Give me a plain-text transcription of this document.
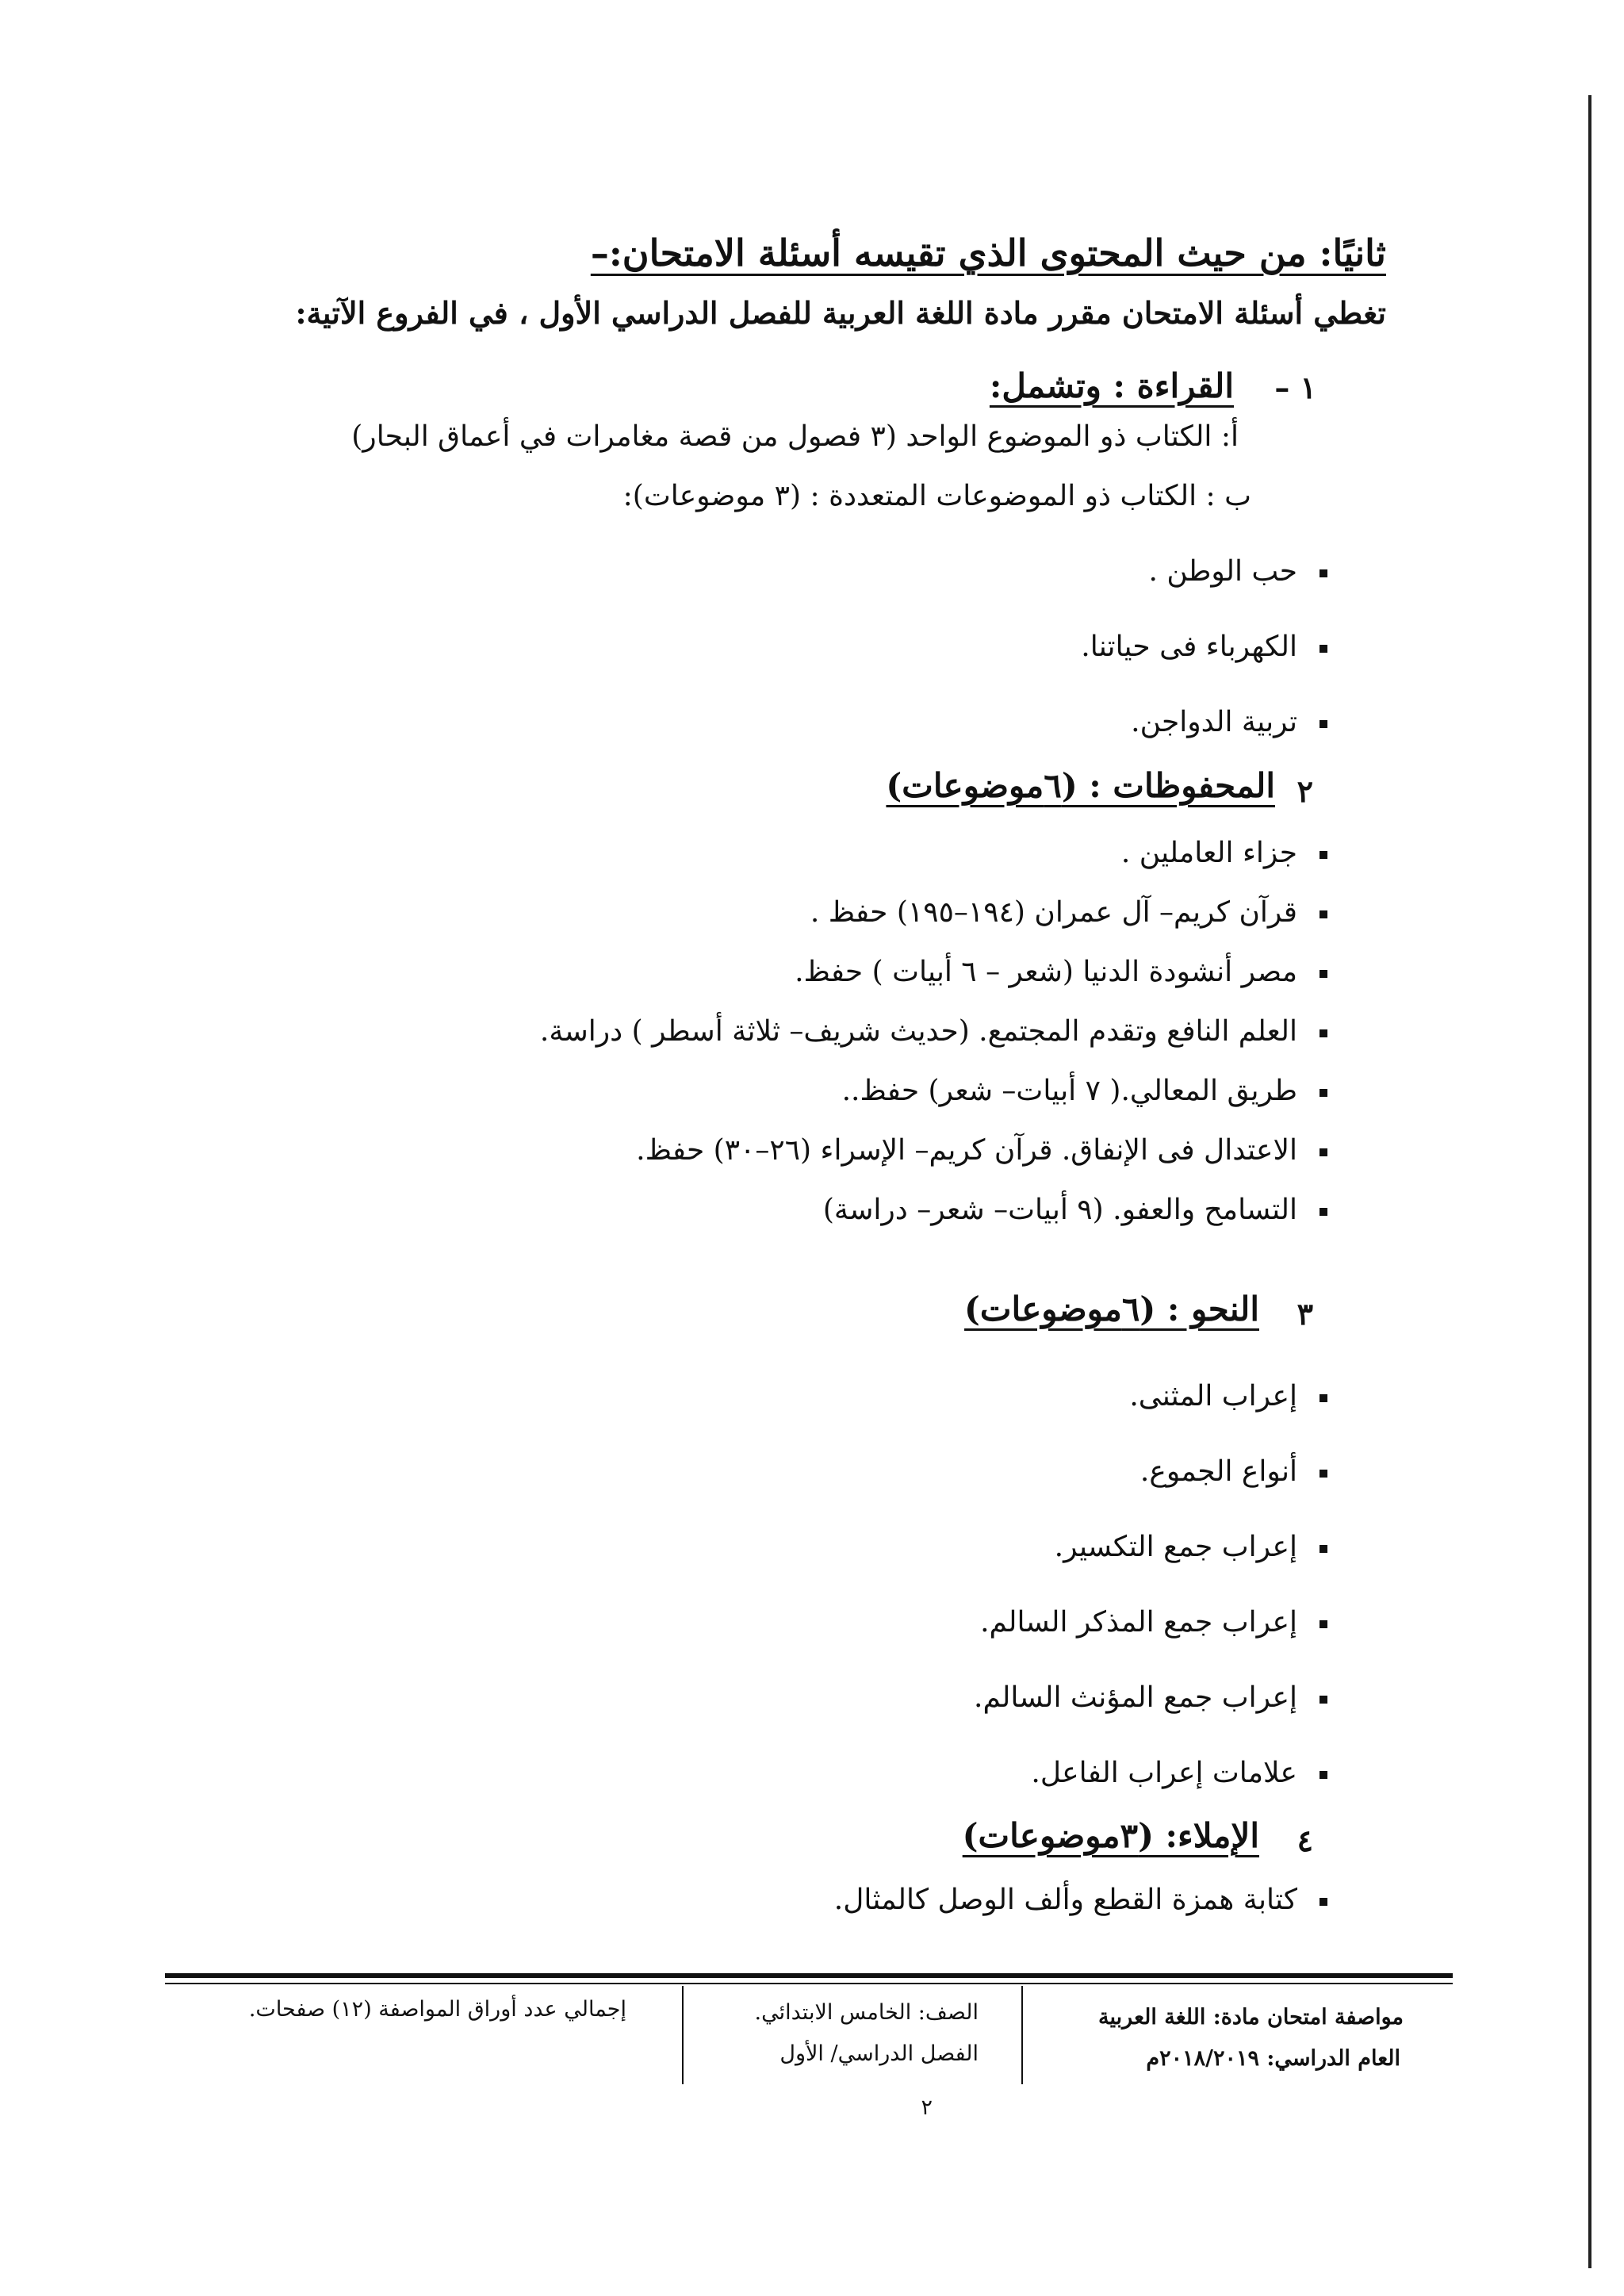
ثانيًا: من حيث المحتوى الذي تقيسه أسئلة الامتحان:–
تغطي أسئلة الامتحان مقرر مادة اللغة العربية للفصل الدراسي الأول ، في الفروع الآتية:
١ –
القراءة : وتشمل:
أ: الكتاب ذو الموضوع الواحد (٣ فصول من قصة مغامرات في أعماق البحار)
ب : الكتاب ذو الموضوعات المتعددة : (٣ موضوعات):
حب الوطن .
الكهرباء فى حياتنا.
تربية الدواجن.
٢
المحفوظات : (٦موضوعات)
جزاء العاملين .
قرآن كريم– آل عمران (١٩٤–١٩٥) حفظ .
مصر أنشودة الدنيا (شعر – ٦ أبيات ) حفظ.
العلم النافع وتقدم المجتمع. (حديث شريف– ثلاثة أسطر ) دراسة.
طريق المعالي.( ٧ أبيات– شعر) حفظ..
الاعتدال فى الإنفاق. قرآن كريم– الإسراء (٢٦–٣٠) حفظ.
التسامح والعفو. (٩ أبيات– شعر– دراسة)
٣
النحو : (٦موضوعات)
إعراب المثنى.
أنواع الجموع.
إعراب جمع التكسير.
إعراب جمع المذكر السالم.
إعراب جمع المؤنث السالم.
علامات إعراب الفاعل.
٤
الإملاء: (٣موضوعات)
كتابة همزة القطع وألف الوصل كالمثال.
مواصفة امتحان مادة: اللغة العربية
العام الدراسي: ٢٠١٨/٢٠١٩م
الصف: الخامس الابتدائي.
الفصل الدراسي/ الأول
إجمالي عدد أوراق المواصفة (١٢) صفحات.
٢
